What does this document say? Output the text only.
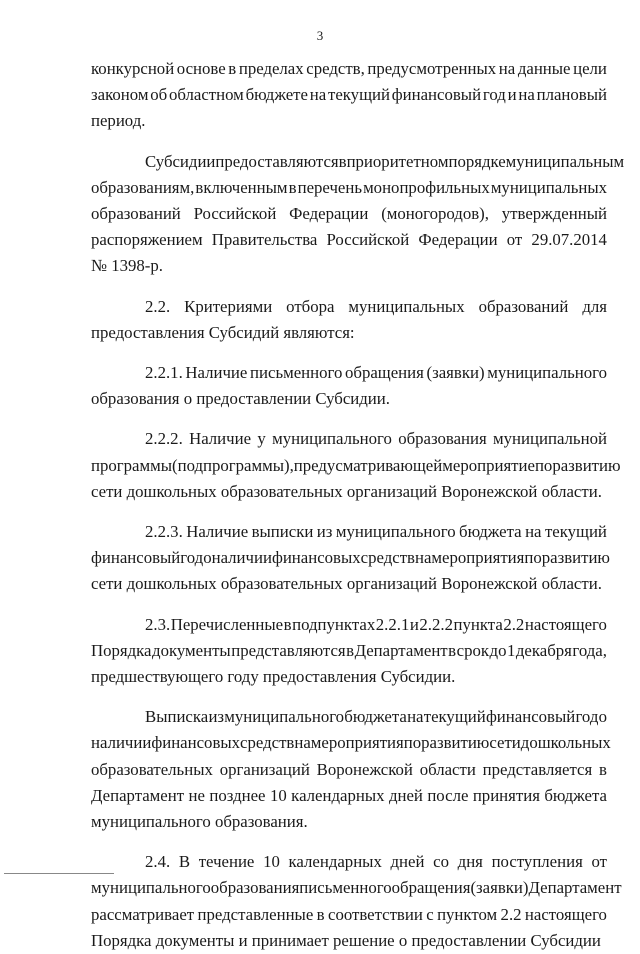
3
конкурсной основе в пределах средств, предусмотренных на данные цели
законом об областном бюджете на текущий финансовый год и на плановый
период.
Субсидии предоставляются в приоритетном порядке муниципальным
образованиям, включенным в перечень монопрофильных муниципальных
образований Российской Федерации (моногородов), утвержденный
распоряжением Правительства Российской Федерации от 29.07.2014
№ 1398-р.
2.2. Критериями отбора муниципальных образований для
предоставления Субсидий являются:
2.2.1. Наличие письменного обращения (заявки) муниципального
образования о предоставлении Субсидии.
2.2.2. Наличие у муниципального образования муниципальной
программы (подпрограммы), предусматривающей мероприятие по развитию
сети дошкольных образовательных организаций Воронежской области.
2.2.3. Наличие выписки из муниципального бюджета на текущий
финансовый год о наличии финансовых средств на мероприятия по развитию
сети дошкольных образовательных организаций Воронежской области.
2.3. Перечисленные в подпунктах 2.2.1 и 2.2.2 пункта 2.2 настоящего
Порядка документы представляются в Департамент в срок до 1 декабря года,
предшествующего году предоставления Субсидии.
Выписка из муниципального бюджета на текущий финансовый год о
наличии финансовых средств на мероприятия по развитию сети дошкольных
образовательных организаций Воронежской области представляется в
Департамент не позднее 10 календарных дней после принятия бюджета
муниципального образования.
2.4. В течение 10 календарных дней со дня поступления от
муниципального образования письменного обращения (заявки) Департамент
рассматривает представленные в соответствии с пунктом 2.2 настоящего
Порядка документы и принимает решение о предоставлении Субсидии
